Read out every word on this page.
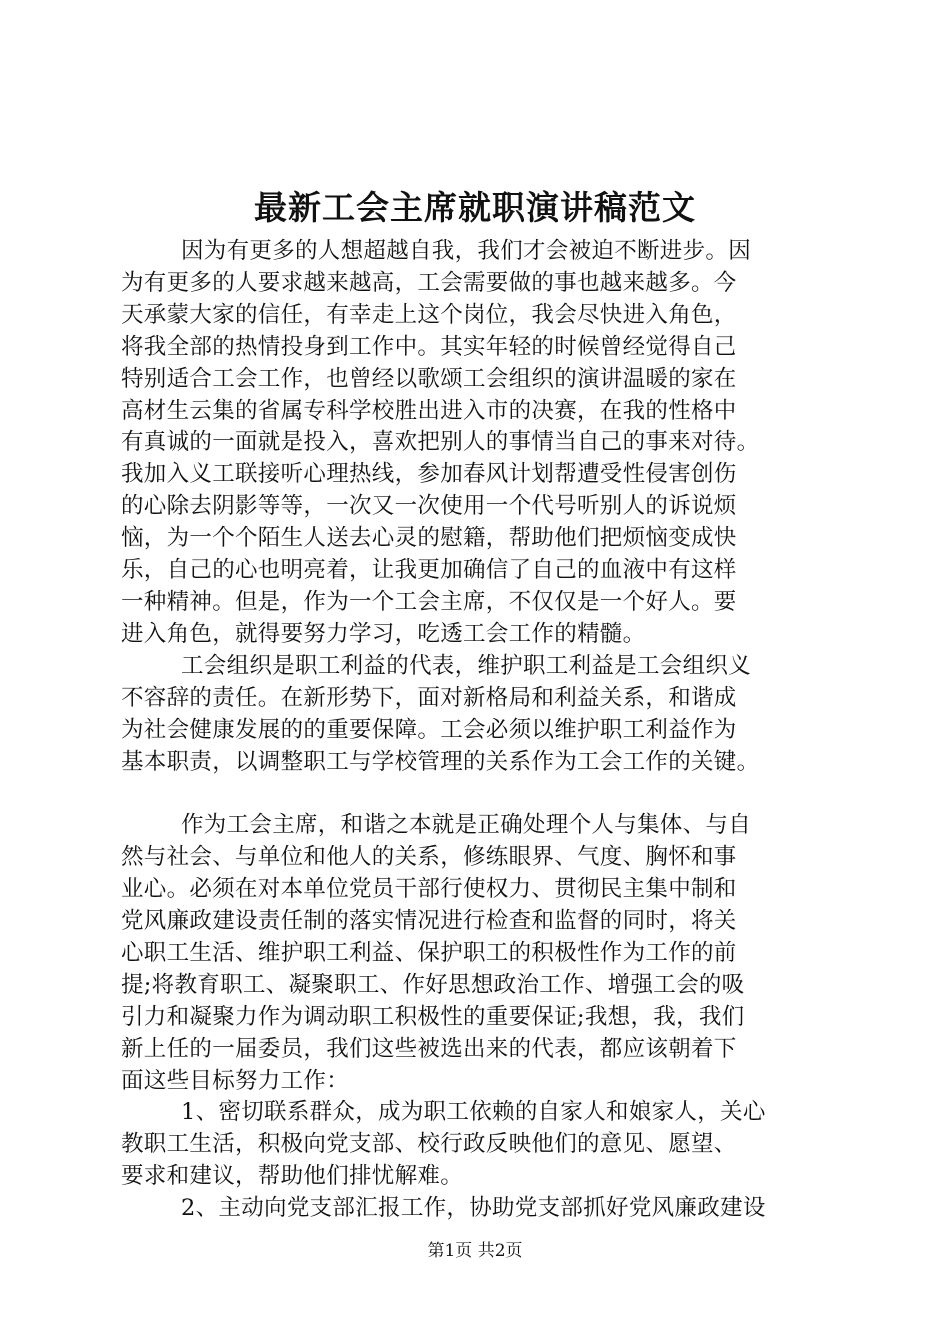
最新工会主席就职演讲稿范文

因为有更多的人想超越自我，我们才会被迫不断进步。因
为有更多的人要求越来越高，工会需要做的事也越来越多。今
天承蒙大家的信任，有幸走上这个岗位，我会尽快进入角色，
将我全部的热情投身到工作中。其实年轻的时候曾经觉得自己
特别适合工会工作，也曾经以歌颂工会组织的演讲温暖的家在
高材生云集的省属专科学校胜出进入市的决赛，在我的性格中
有真诚的一面就是投入，喜欢把别人的事情当自己的事来对待。
我加入义工联接听心理热线，参加春风计划帮遭受性侵害创伤
的心除去阴影等等，一次又一次使用一个代号听别人的诉说烦
恼，为一个个陌生人送去心灵的慰籍，帮助他们把烦恼变成快
乐，自己的心也明亮着，让我更加确信了自己的血液中有这样
一种精神。但是，作为一个工会主席，不仅仅是一个好人。要
进入角色，就得要努力学习，吃透工会工作的精髓。

工会组织是职工利益的代表，维护职工利益是工会组织义
不容辞的责任。在新形势下，面对新格局和利益关系，和谐成
为社会健康发展的的重要保障。工会必须以维护职工利益作为
基本职责，以调整职工与学校管理的关系作为工会工作的关键。

作为工会主席，和谐之本就是正确处理个人与集体、与自
然与社会、与单位和他人的关系，修练眼界、气度、胸怀和事
业心。必须在对本单位党员干部行使权力、贯彻民主集中制和
党风廉政建设责任制的落实情况进行检查和监督的同时，将关
心职工生活、维护职工利益、保护职工的积极性作为工作的前
提;将教育职工、凝聚职工、作好思想政治工作、增强工会的吸
引力和凝聚力作为调动职工积极性的重要保证;我想，我，我们
新上任的一届委员，我们这些被选出来的代表，都应该朝着下
面这些目标努力工作：

1、密切联系群众，成为职工依赖的自家人和娘家人，关心
教职工生活，积极向党支部、校行政反映他们的意见、愿望、
要求和建议，帮助他们排忧解难。

2、主动向党支部汇报工作，协助党支部抓好党风廉政建设

第1页 共2页
